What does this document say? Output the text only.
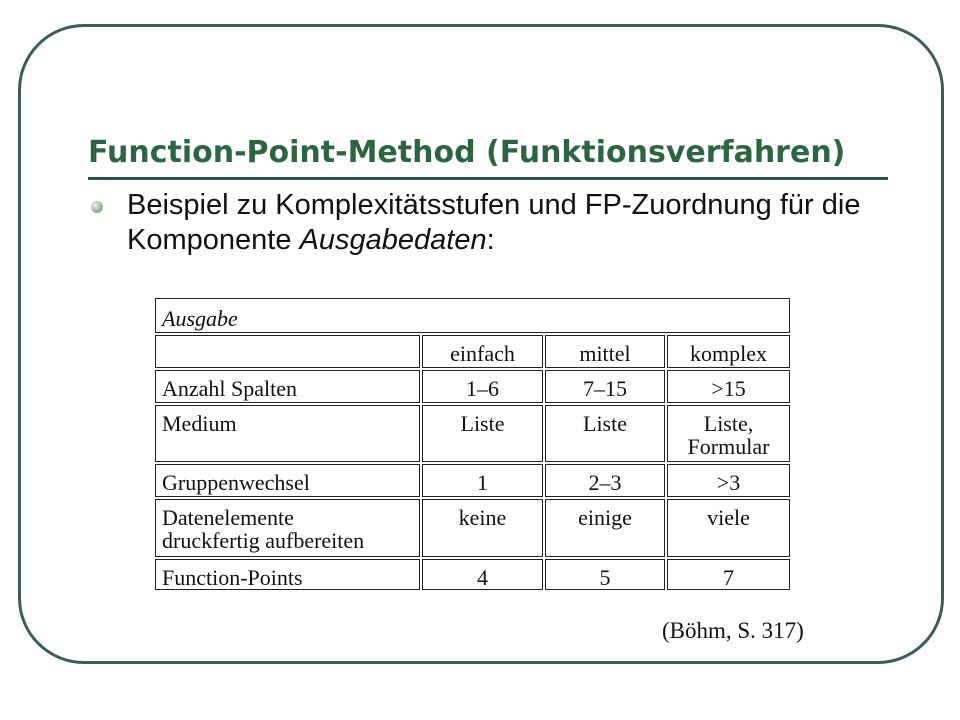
Function-Point-Method (Funktionsverfahren)
Beispiel zu Komplexitätsstufen und FP-Zuordnung für die Komponente Ausgabedaten:
Ausgabe			
	einfach	mittel	komplex
Anzahl Spalten	1–6	7–15	>15
Medium	Liste	Liste	Liste,
Formular
Gruppenwechsel	1	2–3	>3
Datenelemente
druckfertig aufbereiten	keine	einige	viele
Function-Points	4	5	7
(Böhm, S. 317)
